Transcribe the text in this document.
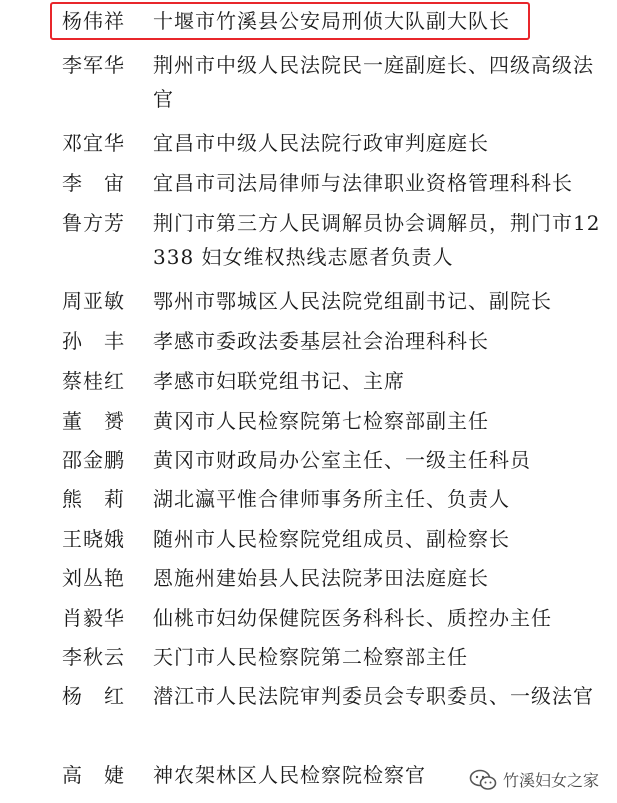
杨伟祥	十堰市竹溪县公安局刑侦大队副大队长
李军华	荆州市中级人民法院民一庭副庭长、四级高级法官
邓宜华	宜昌市中级人民法院行政审判庭庭长
李　宙	宜昌市司法局律师与法律职业资格管理科科长
鲁方芳	荆门市第三方人民调解员协会调解员，荆门市12338 妇女维权热线志愿者负责人
周亚敏	鄂州市鄂城区人民法院党组副书记、副院长
孙　丰	孝感市委政法委基层社会治理科科长
蔡桂红	孝感市妇联党组书记、主席
董　赟	黄冈市人民检察院第七检察部副主任
邵金鹏	黄冈市财政局办公室主任、一级主任科员
熊　莉	湖北瀛平惟合律师事务所主任、负责人
王晓娥	随州市人民检察院党组成员、副检察长
刘丛艳	恩施州建始县人民法院茅田法庭庭长
肖毅华	仙桃市妇幼保健院医务科科长、质控办主任
李秋云	天门市人民检察院第二检察部主任
杨　红	潜江市人民法院审判委员会专职委员、一级法官
高　婕	神农架林区人民检察院检察官	竹溪妇女之家
